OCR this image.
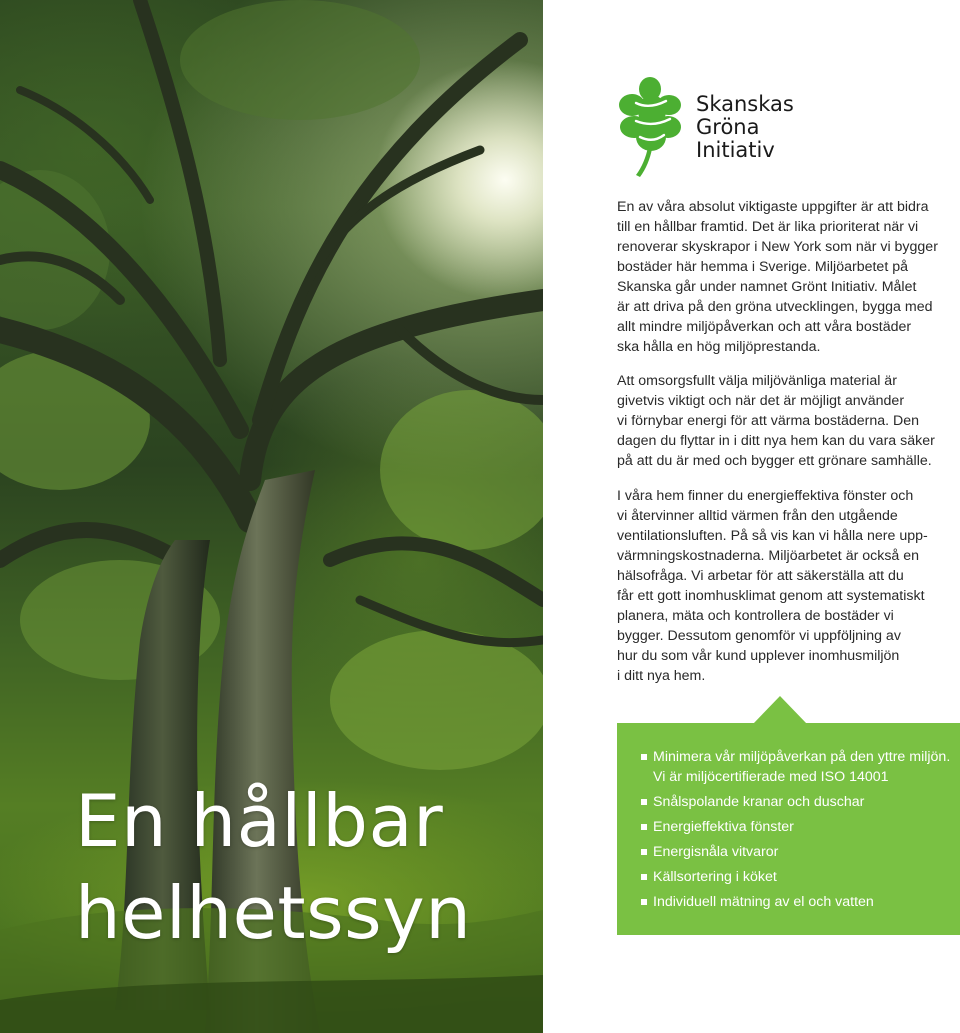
En hållbar
helhetssyn
Skanskas
Gröna
Initiativ

En av våra absolut viktigaste uppgifter är att bidra
till en hållbar framtid. Det är lika prioriterat när vi
renoverar skyskrapor i New York som när vi bygger
bostäder här hemma i Sverige. Miljöarbetet på
Skanska går under namnet Grönt Initiativ. Målet
är att driva på den gröna utvecklingen, bygga med
allt mindre miljöpåverkan och att våra bostäder
ska hålla en hög miljöprestanda.

Att omsorgsfullt välja miljövänliga material är
givetvis viktigt och när det är möjligt använder
vi förnybar energi för att värma bostäderna. Den
dagen du flyttar in i ditt nya hem kan du vara säker
på att du är med och bygger ett grönare samhälle.

I våra hem finner du energieffektiva fönster och
vi återvinner alltid värmen från den utgående
ventilationsluften. På så vis kan vi hålla nere upp-
värmningskostnaderna. Miljöarbetet är också en
hälsofråga. Vi arbetar för att säkerställa att du
får ett gott inomhusklimat genom att systematiskt
planera, mäta och kontrollera de bostäder vi
bygger. Dessutom genomför vi uppföljning av
hur du som vår kund upplever inomhusmiljön
i ditt nya hem.

Minimera vår miljöpåverkan på den yttre miljön. Vi är miljöcertifierade med ISO 14001
Snålspolande kranar och duschar
Energieffektiva fönster
Energisnåla vitvaror
Källsortering i köket
Individuell mätning av el och vatten
